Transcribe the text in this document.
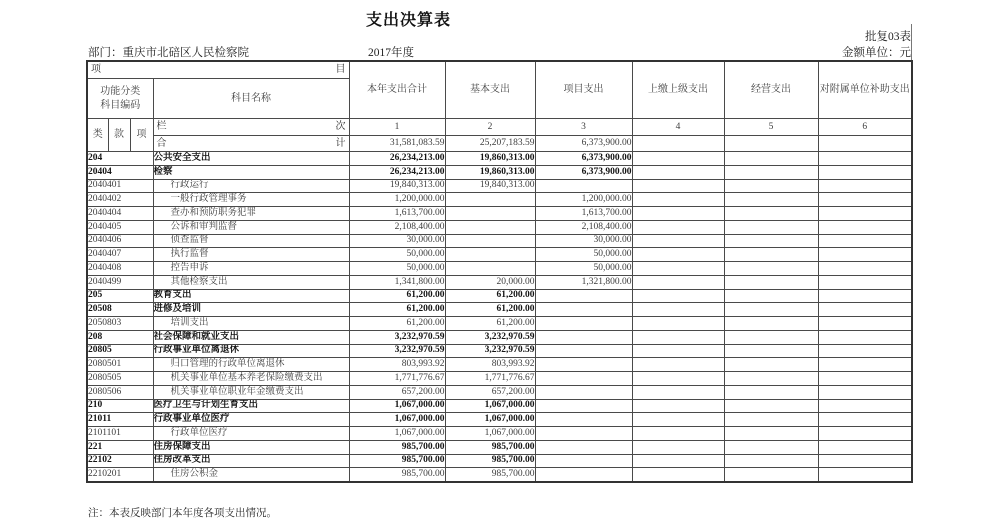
支出决算表
批复03表
部门：重庆市北碚区人民检察院	2017年度	金额单位：元
项 目				本年支出合计	基本支出	项目支出	上缴上级支出	经营支出	对附属单位补助支出

功能分类
科目编码			科目名称						
类	款	项	栏 次	1	2	3	4	5	6

			合 计	31,581,083.59	25,207,183.59	6,373,900.00			
204			公共安全支出	26,234,213.00	19,860,313.00	6,373,900.00			
20404			检察	26,234,213.00	19,860,313.00	6,373,900.00			
2040401			行政运行	19,840,313.00	19,840,313.00				
2040402			一般行政管理事务	1,200,000.00		1,200,000.00			
2040404			查办和预防职务犯罪	1,613,700.00		1,613,700.00			
2040405			公诉和审判监督	2,108,400.00		2,108,400.00			
2040406			侦查监督	30,000.00		30,000.00			
2040407			执行监督	50,000.00		50,000.00			
2040408			控告申诉	50,000.00		50,000.00			
2040499			其他检察支出	1,341,800.00	20,000.00	1,321,800.00			
205			教育支出	61,200.00	61,200.00				
20508			进修及培训	61,200.00	61,200.00				
2050803			培训支出	61,200.00	61,200.00				
208			社会保障和就业支出	3,232,970.59	3,232,970.59				
20805			行政事业单位离退休	3,232,970.59	3,232,970.59				
2080501			归口管理的行政单位离退休	803,993.92	803,993.92				
2080505			机关事业单位基本养老保险缴费支出	1,771,776.67	1,771,776.67				
2080506			机关事业单位职业年金缴费支出	657,200.00	657,200.00				
210			医疗卫生与计划生育支出	1,067,000.00	1,067,000.00				
21011			行政事业单位医疗	1,067,000.00	1,067,000.00				
2101101			行政单位医疗	1,067,000.00	1,067,000.00				
221			住房保障支出	985,700.00	985,700.00				
22102			住房改革支出	985,700.00	985,700.00				
2210201			住房公积金	985,700.00	985,700.00				
注：本表反映部门本年度各项支出情况。
